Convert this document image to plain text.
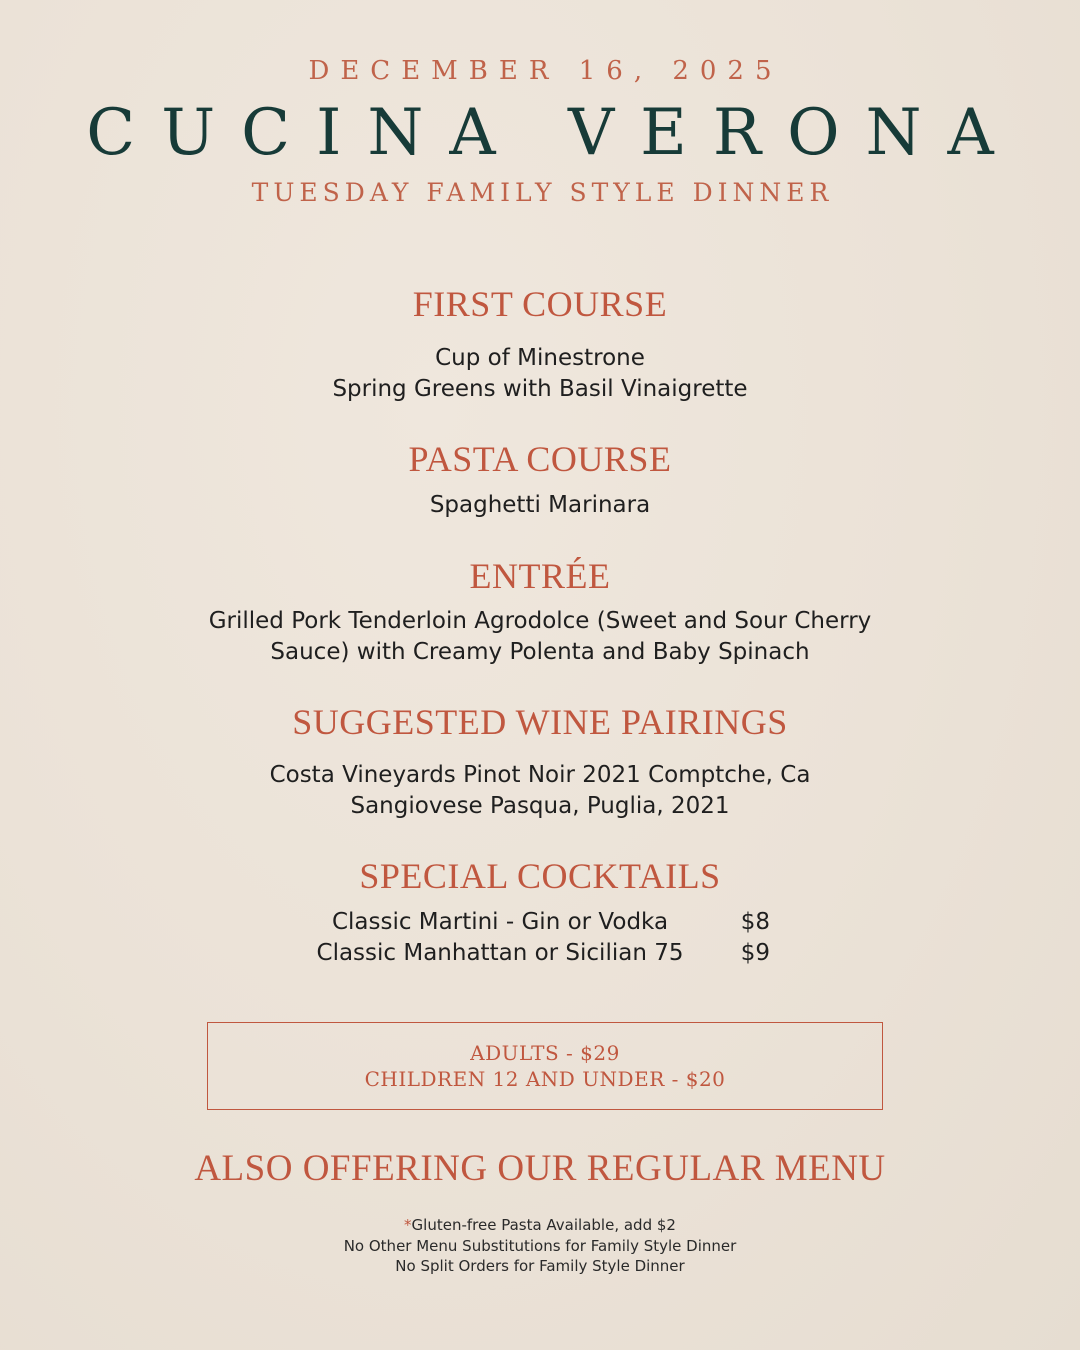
DECEMBER 16, 2025
CUCINA VERONA
TUESDAY FAMILY STYLE DINNER
FIRST COURSE
Cup of Minestrone
Spring Greens with Basil Vinaigrette
PASTA COURSE
Spaghetti Marinara
ENTRÉE
Grilled Pork Tenderloin Agrodolce (Sweet and Sour Cherry
Sauce) with Creamy Polenta and Baby Spinach
SUGGESTED WINE PAIRINGS
Costa Vineyards Pinot Noir 2021 Comptche, Ca
Sangiovese Pasqua, Puglia, 2021
SPECIAL COCKTAILS
Classic Martini - Gin or Vodka	$8
Classic Manhattan or Sicilian 75	$9
ADULTS - $29
CHILDREN 12 AND UNDER - $20
ALSO OFFERING OUR REGULAR MENU
*Gluten-free Pasta Available, add $2
No Other Menu Substitutions for Family Style Dinner
No Split Orders for Family Style Dinner
